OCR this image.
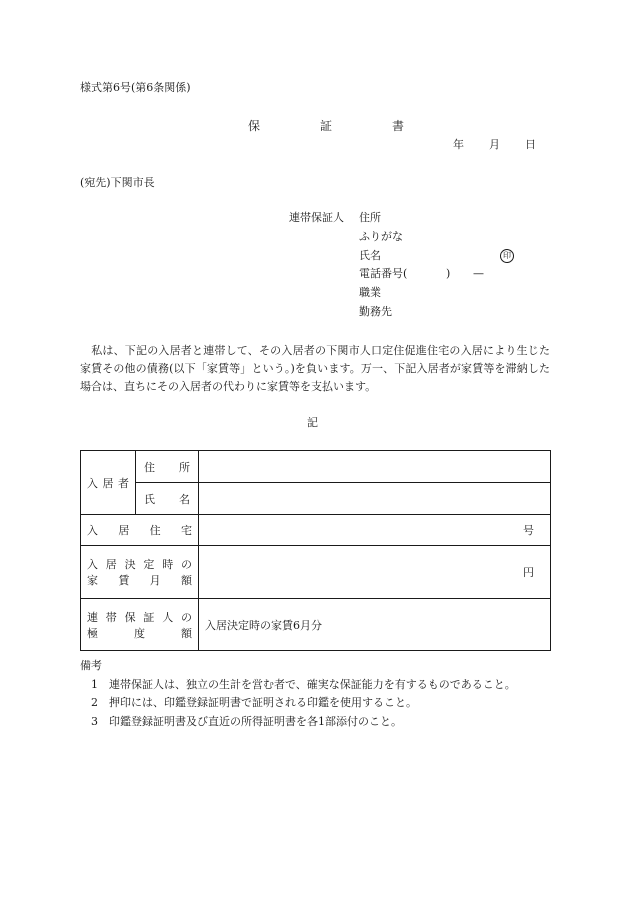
様式第6号(第6条関係)
保	証	書
年 月 日
(宛先)下関市長
連帯保証人 住所
ふりがな
氏名	印
電話番号(	) —
職業
勤務先
私は、下記の入居者と連帯して、その入居者の下関市人口定住促進住宅の入居により生じた家賃その他の債務(以下「家賃等」という。)を負います。万一、下記入居者が家賃等を滞納した場合は、直ちにその入居者の代わりに家賃等を支払います。
記
入居者	住所	
	氏名	
入居住宅		号

入居決定時の
家賃月額		円

連帯保証人の
極度額		入居決定時の家賃6月分
備考
1 連帯保証人は、独立の生計を営む者で、確実な保証能力を有するものであること。
2 押印には、印鑑登録証明書で証明される印鑑を使用すること。
3 印鑑登録証明書及び直近の所得証明書を各1部添付のこと。
